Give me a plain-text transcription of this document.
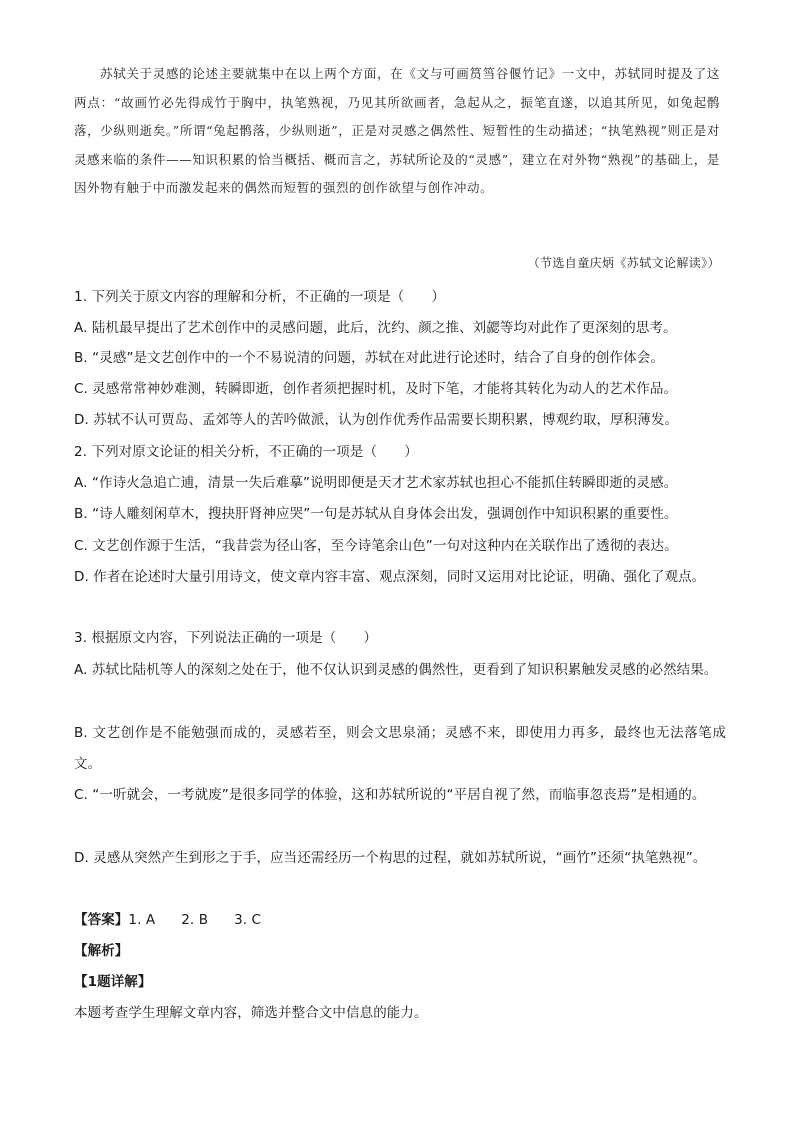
苏轼关于灵感的论述主要就集中在以上两个方面，在《文与可画筼筜谷偃竹记》一文中，苏轼同时提及了这两点：“故画竹必先得成竹于胸中，执笔熟视，乃见其所欲画者，急起从之，振笔直遂，以追其所见，如兔起鹘落，少纵则逝矣。”所谓“兔起鹘落，少纵则逝”，正是对灵感之偶然性、短暂性的生动描述；“执笔熟视”则正是对灵感来临的条件——知识积累的恰当概括、概而言之，苏轼所论及的“灵感”，建立在对外物“熟视”的基础上，是因外物有触于中而激发起来的偶然而短暂的强烈的创作欲望与创作冲动。

（节选自童庆炳《苏轼文论解读》）
1. 下列关于原文内容的理解和分析，不正确的一项是（　　）
A. 陆机最早提出了艺术创作中的灵感问题，此后，沈约、颜之推、刘勰等均对此作了更深刻的思考。
B. “灵感”是文艺创作中的一个不易说清的问题，苏轼在对此进行论述时，结合了自身的创作体会。
C. 灵感常常神妙难测，转瞬即逝，创作者须把握时机，及时下笔，才能将其转化为动人的艺术作品。
D. 苏轼不认可贾岛、孟郊等人的苦吟做派，认为创作优秀作品需要长期积累，博观约取，厚积薄发。
2. 下列对原文论证的相关分析，不正确的一项是（　　）
A. “作诗火急追亡逋，清景一失后难摹”说明即便是天才艺术家苏轼也担心不能抓住转瞬即逝的灵感。
B. “诗人雕刻闲草木，搜抉肝肾神应哭”一句是苏轼从自身体会出发，强调创作中知识积累的重要性。
C. 文艺创作源于生活，“我昔尝为径山客，至今诗笔余山色”一句对这种内在关联作出了透彻的表达。
D. 作者在论述时大量引用诗文，使文章内容丰富、观点深刻，同时又运用对比论证，明确、强化了观点。
3. 根据原文内容，下列说法正确的一项是（　　）
A. 苏轼比陆机等人的深刻之处在于，他不仅认识到灵感的偶然性，更看到了知识积累触发灵感的必然结果。
B. 文艺创作是不能勉强而成的，灵感若至，则会文思泉涌；灵感不来，即使用力再多，最终也无法落笔成文。
C. “一听就会，一考就废”是很多同学的体验，这和苏轼所说的“平居自视了然，而临事忽丧焉”是相通的。
D. 灵感从突然产生到形之于手，应当还需经历一个构思的过程，就如苏轼所说，“画竹”还须“执笔熟视”。
【答案】1. A 2. B 3. C
【解析】
【1题详解】
本题考查学生理解文章内容，筛选并整合文中信息的能力。
